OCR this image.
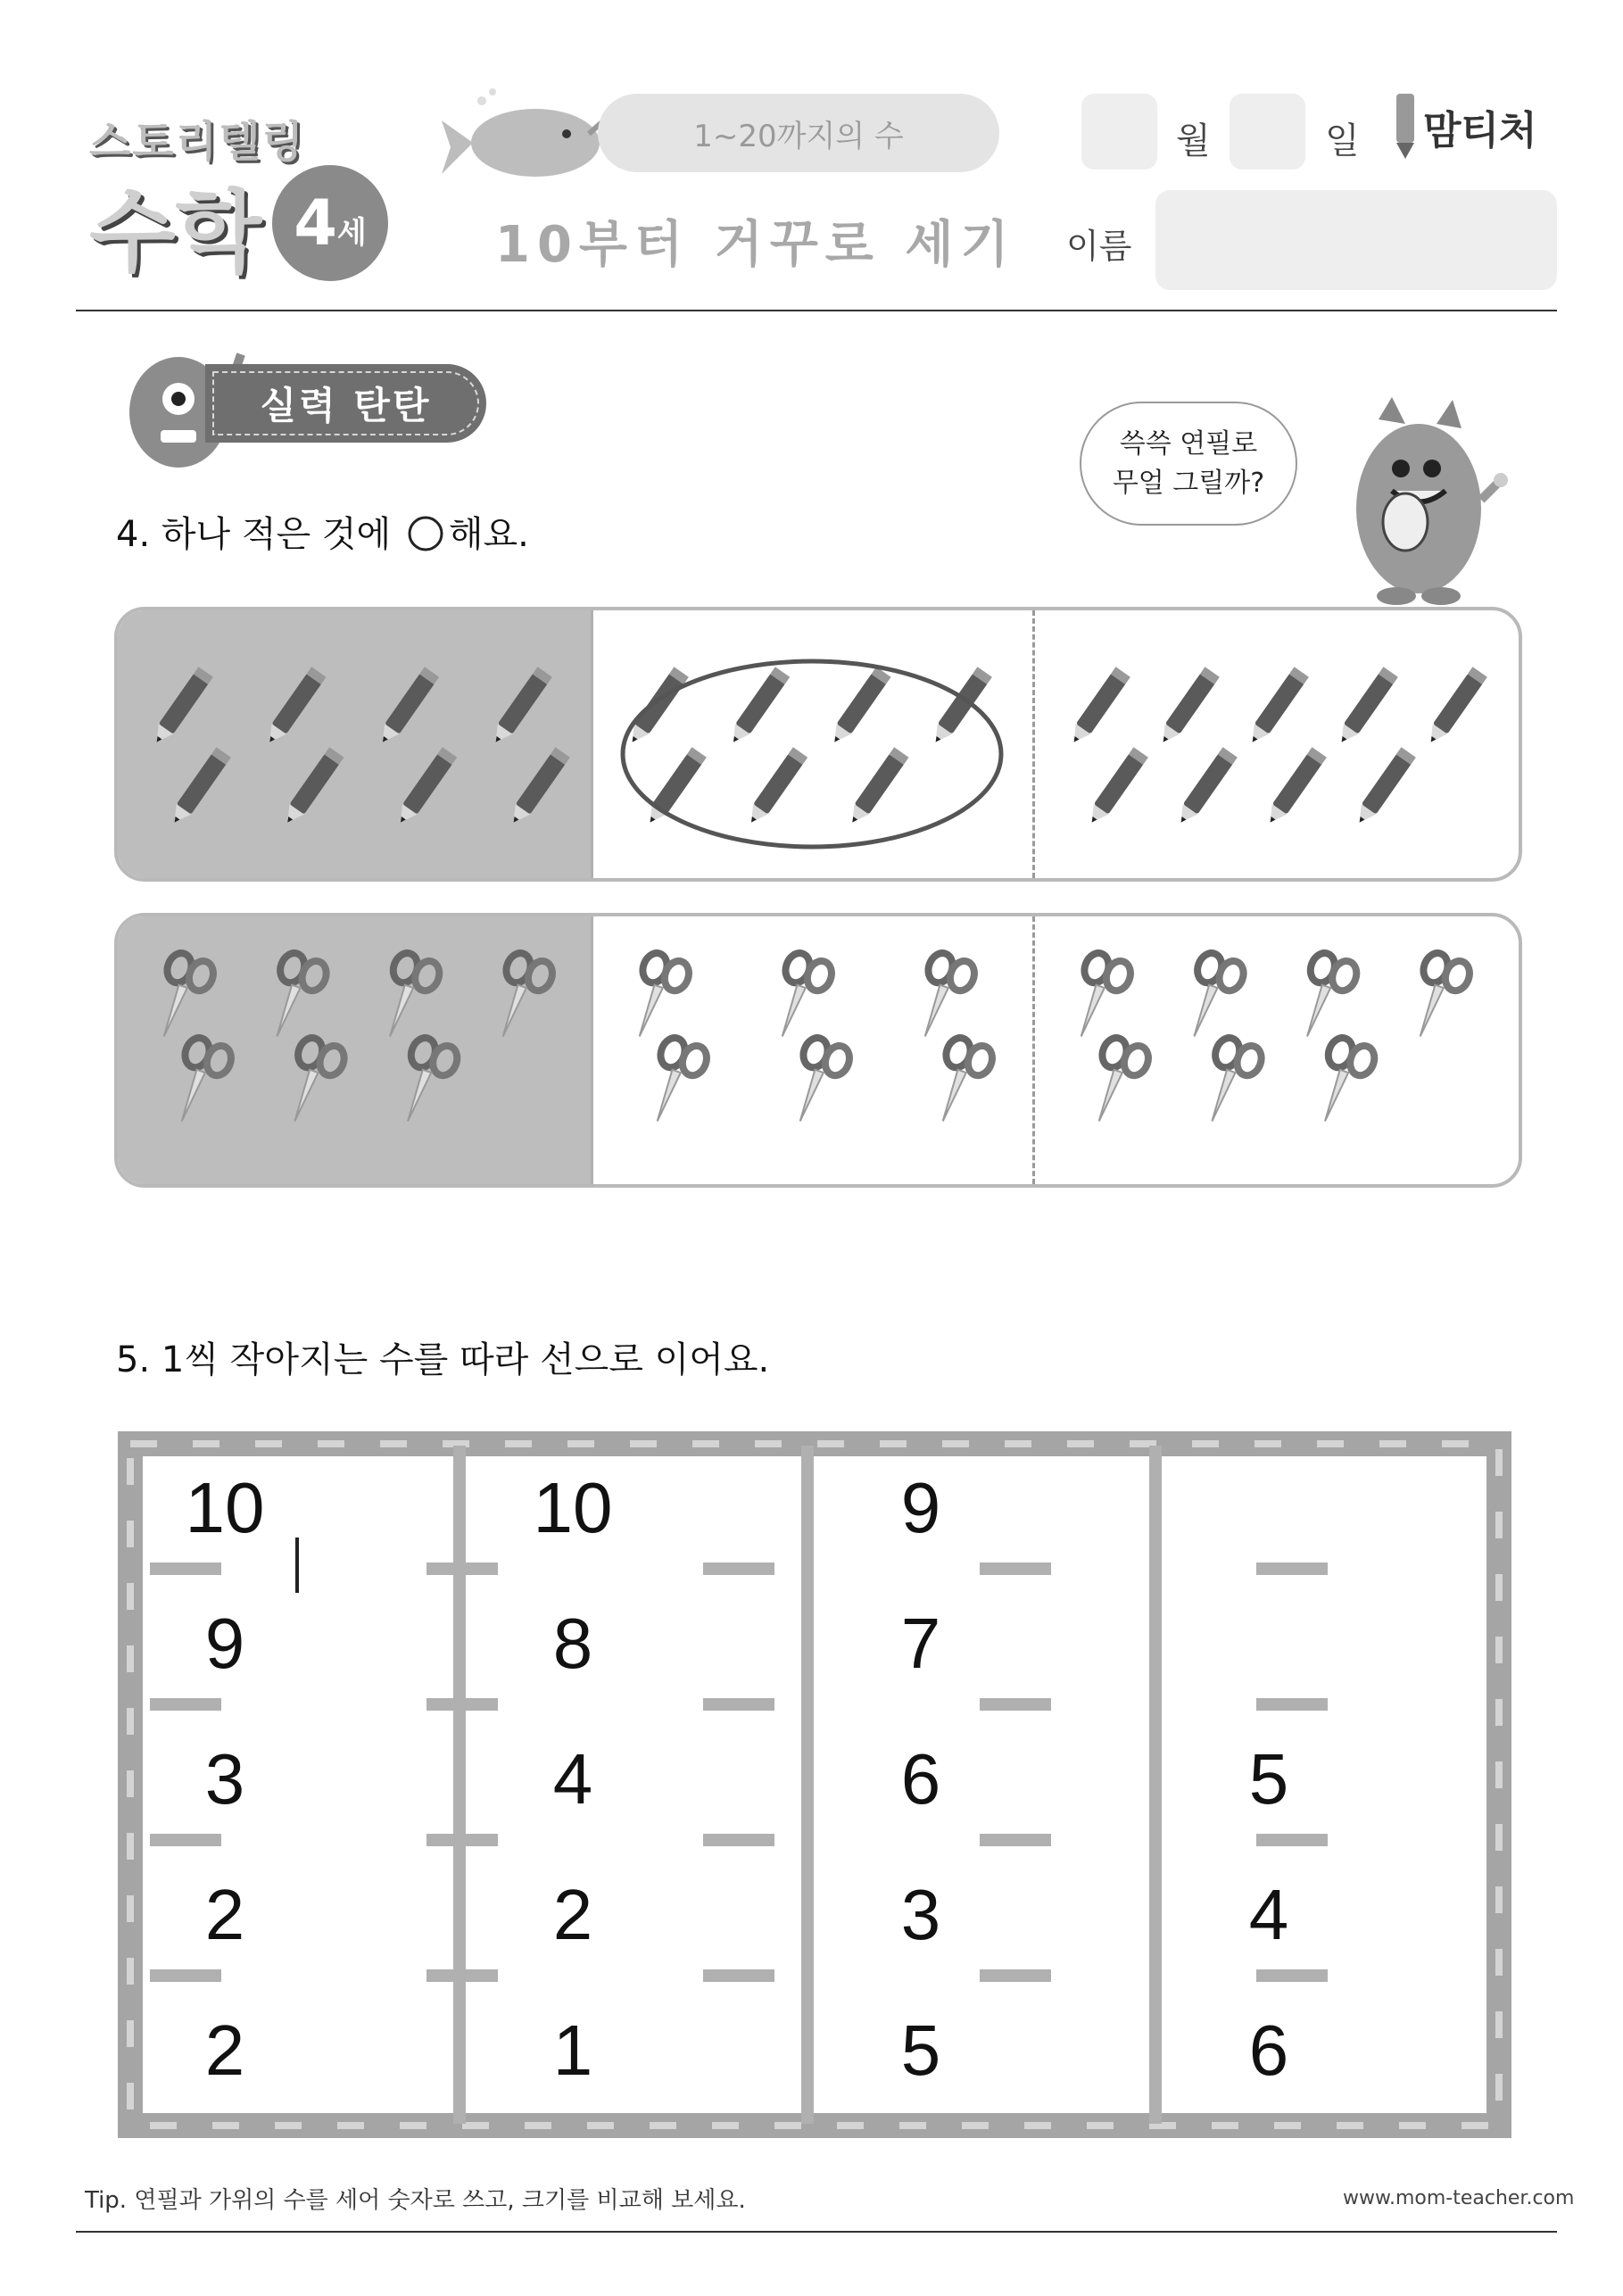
스토리텔링
수학 4 세
1~20까지의 수
10부터 거꾸로 세기
월	일 맘티처
이름
실력 탄탄
쓱쓱 연필로
무얼 그릴까?
4. 하나 적은 것에 ○ 해요.
5. 1씩 작아지는 수를 따라 선으로 이어요.
10	10	9
9	8	7
3	4	6	5
2	2	3	4
2	1	5	6
Tip. 연필과 가위의 수를 세어 숫자로 쓰고, 크기를 비교해 보세요.	www.mom-teacher.com
